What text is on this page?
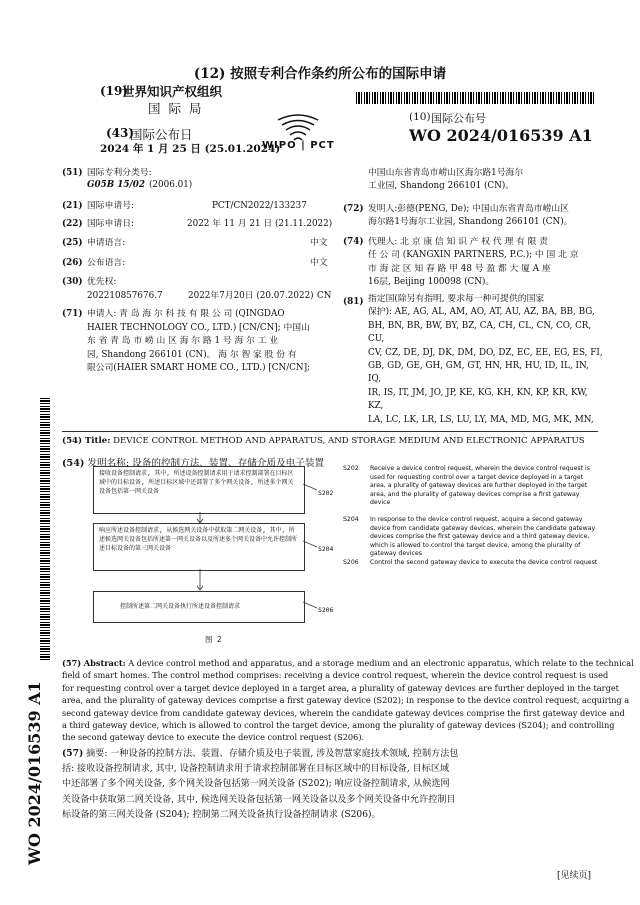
(12) 按照专利合作条约所公布的国际申请
(19)
世界知识产权组织
国 际 局
(43)
国际公布日
2024 年 1 月 25 日 (25.01.2024)
WIPO | PCT
(10) 国际公布号
WO 2024/016539 A1
(51) 国际专利分类号:
G05B 15/02 (2006.01)
(21) 国际申请号:	PCT/CN2022/133237
(22) 国际申请日:	2022 年 11 月 21 日 (21.11.2022)
(25) 申请语言:	中文
(26) 公布语言:	中文
(30) 优先权:
202210857676.7	2022年7月20日 (20.07.2022) CN
(71) 申请人: 青 岛 海 尔 科 技 有 限 公 司 (QINGDAO
HAIER TECHNOLOGY CO., LTD.) [CN/CN]; 中国山
东 省 青 岛 市 崂 山 区 海 尔 路 1 号 海 尔 工 业
园, Shandong 266101 (CN)。 海 尔 智 家 股 份 有
限公司(HAIER SMART HOME CO., LTD.) [CN/CN];
中国山东省青岛市崂山区海尔路1号海尔
工业园, Shandong 266101 (CN)。
(72) 发明人:彭德(PENG, De); 中国山东省青岛市崂山区
海尔路1号海尔工业园, Shandong 266101 (CN)。
(74) 代理人: 北 京 康 信 知 识 产 权 代 理 有 限 责
任 公 司 (KANGXIN PARTNERS, P.C.); 中 国 北 京
市 海 淀 区 知 春 路 甲 48 号 盈 都 大 厦 A 座
16层, Beijing 100098 (CN)。
(81) 指定国(除另有指明, 要求每一种可提供的国家
保护): AE, AG, AL, AM, AO, AT, AU, AZ, BA, BB, BG,
BH, BN, BR, BW, BY, BZ, CA, CH, CL, CN, CO, CR, CU,
CV, CZ, DE, DJ, DK, DM, DO, DZ, EC, EE, EG, ES, FI,
GB, GD, GE, GH, GM, GT, HN, HR, HU, ID, IL, IN, IQ,
IR, IS, IT, JM, JO, JP, KE, KG, KH, KN, KP, KR, KW, KZ,
LA, LC, LK, LR, LS, LU, LY, MA, MD, MG, MK, MN,
(54) Title: DEVICE CONTROL METHOD AND APPARATUS, AND STORAGE MEDIUM AND ELECTRONIC APPARATUS
(54) 发明名称: 设备的控制方法、装置、存储介质及电子装置
接收设备控制请求, 其中, 所述设备控制请求用于请求控制部署在目标区域中的目标设备, 所述目标区域中还部署了多个网关设备, 所述多个网关设备包括第一网关设备	S202
响应所述设备控制请求, 从候选网关设备中获取第二网关设备, 其中, 所述候选网关设备包括所述第一网关设备以及所述多个网关设备中允许控制所述目标设备的第三网关设备	S204
控制所述第二网关设备执行所述设备控制请求	S206
图 2
S202 Receive a device control request, wherein the device control request is used for requesting control over a target device deployed in a target area, a plurality of gateway devices are further deployed in the target area, and the plurality of gateway devices comprise a first gateway device
S204 In response to the device control request, acquire a second gateway device from candidate gateway devices, wherein the candidate gateway devices comprise the first gateway device and a third gateway device, which is allowed to control the target device, among the plurality of gateway devices
S206 Control the second gateway device to execute the device control request
(57) Abstract: A device control method and apparatus, and a storage medium and an electronic apparatus, which relate to the technical
field of smart homes. The control method comprises: receiving a device control request, wherein the device control request is used
for requesting control over a target device deployed in a target area, a plurality of gateway devices are further deployed in the target
area, and the plurality of gateway devices comprise a first gateway device (S202); in response to the device control request, acquiring a
second gateway device from candidate gateway devices, wherein the candidate gateway devices comprise the first gateway device and
a third gateway device, which is allowed to control the target device, among the plurality of gateway devices (S204); and controlling
the second gateway device to execute the device control request (S206).
(57) 摘要: 一种设备的控制方法、装置、存储介质及电子装置, 涉及智慧家庭技术领域, 控制方法包
括: 接收设备控制请求, 其中, 设备控制请求用于请求控制部署在目标区域中的目标设备, 目标区域
中还部署了多个网关设备, 多个网关设备包括第一网关设备 (S202); 响应设备控制请求, 从候选网
关设备中获取第二网关设备, 其中, 候选网关设备包括第一网关设备以及多个网关设备中允许控制目
标设备的第三网关设备 (S204); 控制第二网关设备执行设备控制请求 (S206)。
WO 2024/016539 A1
[见续页]
